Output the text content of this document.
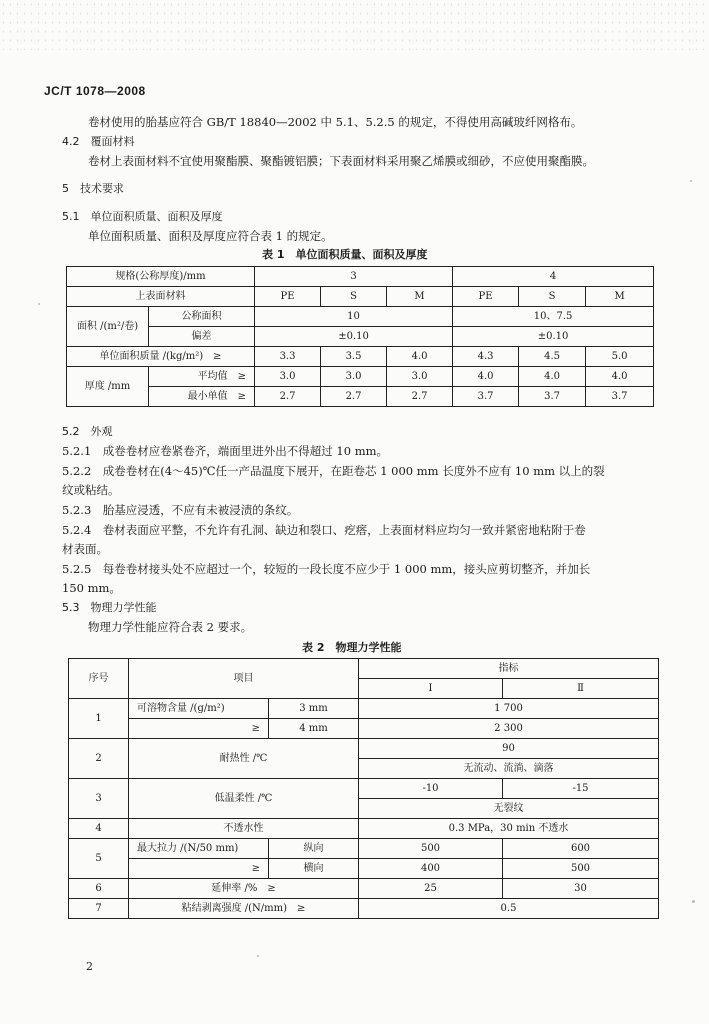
JC/T 1078—2008
卷材使用的胎基应符合 GB/T 18840—2002 中 5.1、5.2.5 的规定，不得使用高碱玻纤网格布。
4.2　覆面材料
卷材上表面材料不宜使用聚酯膜、聚酯镀铝膜；下表面材料采用聚乙烯膜或细砂，不应使用聚酯膜。
5　技术要求
5.1　单位面积质量、面积及厚度
单位面积质量、面积及厚度应符合表 1 的规定。
表 1　单位面积质量、面积及厚度
规格(公称厚度)/mm		3			4		
上表面材料		PE	S	M	PE	S	M
面积 /(m²/卷)	公称面积	10			10、7.5		
	偏差	±0.10			±0.10		
单位面积质量 /(kg/m²)　≥		3.3	3.5	4.0	4.3	4.5	5.0
厚度 /mm	平均值　≥	3.0	3.0	3.0	4.0	4.0	4.0
	最小单值　≥	2.7	2.7	2.7	3.7	3.7	3.7
5.2　外观
5.2.1　成卷卷材应卷紧卷齐，端面里进外出不得超过 10 mm。
5.2.2　成卷卷材在(4～45)℃任一产品温度下展开，在距卷芯 1 000 mm 长度外不应有 10 mm 以上的裂
纹或粘结。
5.2.3　胎基应浸透，不应有未被浸渍的条纹。
5.2.4　卷材表面应平整，不允许有孔洞、缺边和裂口、疙瘩，上表面材料应均匀一致并紧密地粘附于卷
材表面。
5.2.5　每卷卷材接头处不应超过一个，较短的一段长度不应少于 1 000 mm，接头应剪切整齐，并加长
150 mm。
5.3　物理力学性能
物理力学性能应符合表 2 要求。
表 2　物理力学性能
序号	项目		指标	
			Ⅰ	Ⅱ
1	可溶物含量 /(g/m²)	3 mm	1 700	
	≥	4 mm	2 300	
2	耐热性 /℃		90	
			无流动、流淌、滴落	
3	低温柔性 /℃		-10	-15
			无裂纹	
4	不透水性		0.3 MPa，30 min 不透水	
5	最大拉力 /(N/50 mm)	纵向	500	600
	≥	横向	400	500
6	延伸率 /%　≥		25	30
7	粘结剥离强度 /(N/mm)　≥		0.5	
2
